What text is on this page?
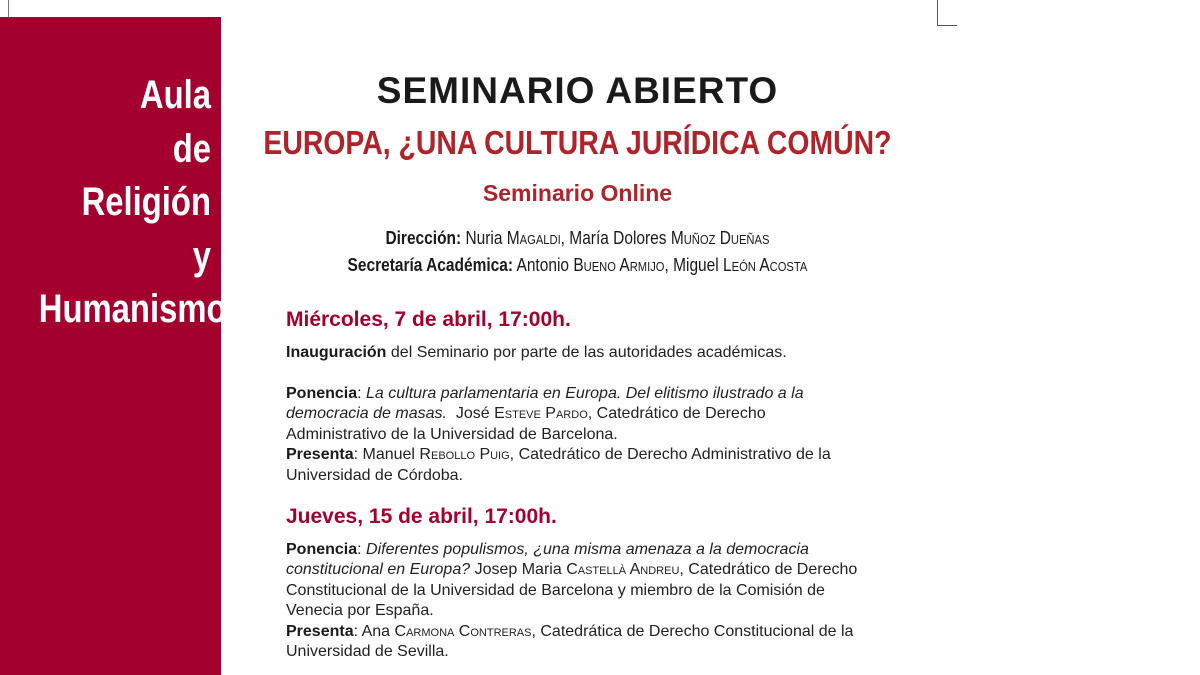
Aula
de
Religión
y
Humanismo
SEMINARIO ABIERTO
EUROPA, ¿UNA CULTURA JURÍDICA COMÚN?
Seminario Online
Dirección: Nuria Magaldi, María Dolores Muñoz Dueñas
Secretaría Académica: Antonio Bueno Armijo, Miguel León Acosta
Miércoles, 7 de abril, 17:00h.
Inauguración del Seminario por parte de las autoridades académicas.
Ponencia: La cultura parlamentaria en Europa. Del elitismo ilustrado a la democracia de masas. José Esteve Pardo, Catedrático de Derecho Administrativo de la Universidad de Barcelona.
Presenta: Manuel Rebollo Puig, Catedrático de Derecho Administrativo de la Universidad de Córdoba.
Jueves, 15 de abril, 17:00h.
Ponencia: Diferentes populismos, ¿una misma amenaza a la democracia constitucional en Europa? Josep Maria Castellà Andreu, Catedrático de Derecho Constitucional de la Universidad de Barcelona y miembro de la Comisión de Venecia por España.
Presenta: Ana Carmona Contreras, Catedrática de Derecho Constitucional de la Universidad de Sevilla.
